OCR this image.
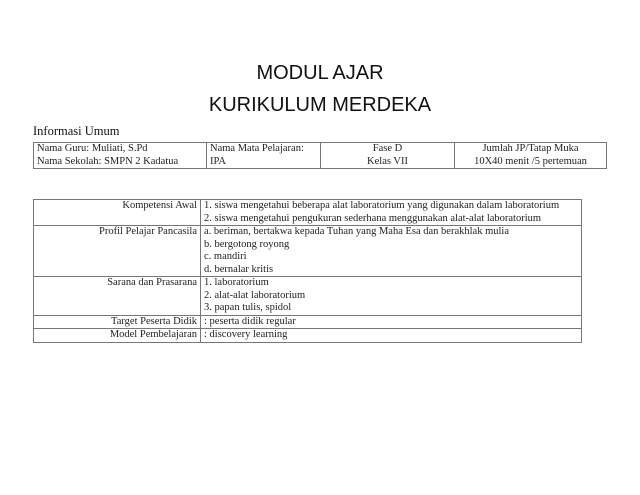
MODUL AJAR
KURIKULUM MERDEKA
Informasi Umum
Nama Guru: Muliati, S.Pd
Nama Sekolah: SMPN 2 Kadatua

Nama Mata Pelajaran:
IPA

Fase D
Kelas VII

Jumlah JP/Tatap Muka
10X40 menit /5 pertemuan
Kompetensi Awal	1. siswa mengetahui beberapa alat laboratorium yang digunakan dalam laboratorium
2. siswa mengetahui pengukuran sederhana menggunakan alat-alat laboratorium

Profil Pelajar Pancasila	a. beriman, bertakwa kepada Tuhan yang Maha Esa dan berakhlak mulia
b. bergotong royong
c. mandiri
d. bernalar kritis

Sarana dan Prasarana	1. laboratorium
2. alat-alat laboratorium
3. papan tulis, spidol

Target Peserta Didik	: peserta didik regular

Model Pembelajaran	: discovery learning
